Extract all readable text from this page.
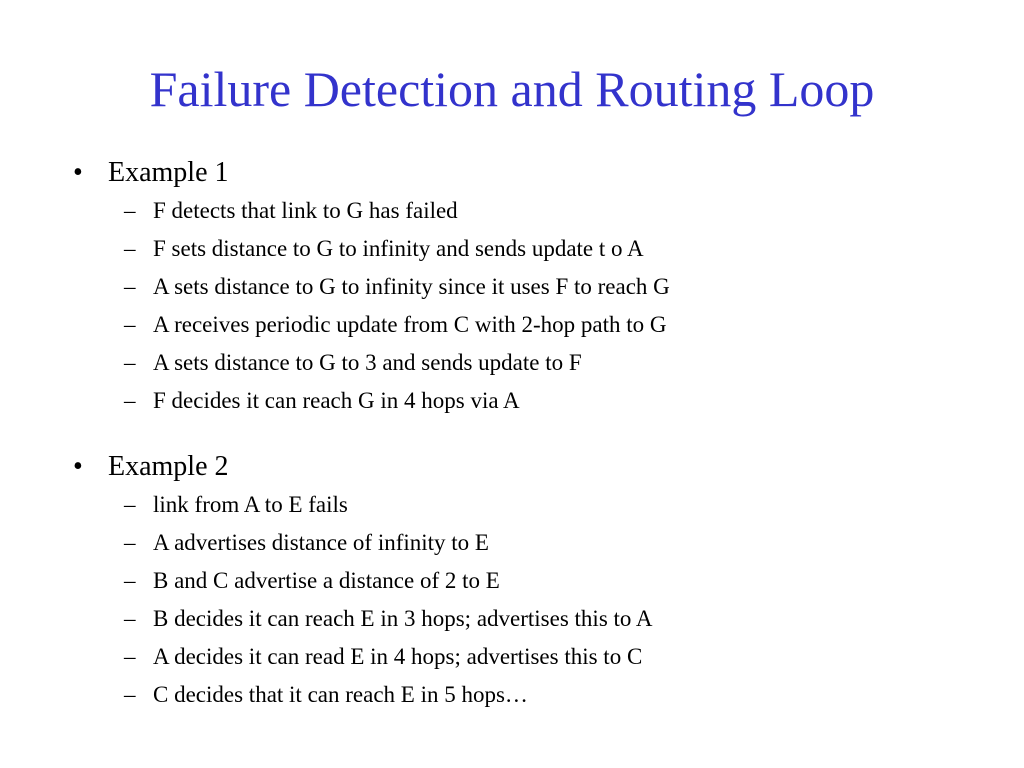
Failure Detection and Routing Loop
• Example 1
– F detects that link to G has failed
– F sets distance to G to infinity and sends update t o A
– A sets distance to G to infinity since it uses F to reach G
– A receives periodic update from C with 2-hop path to G
– A sets distance to G to 3 and sends update to F
– F decides it can reach G in 4 hops via A
• Example 2
– link from A to E fails
– A advertises distance of infinity to E
– B and C advertise a distance of 2 to E
– B decides it can reach E in 3 hops; advertises this to A
– A decides it can read E in 4 hops; advertises this to C
– C decides that it can reach E in 5 hops…
